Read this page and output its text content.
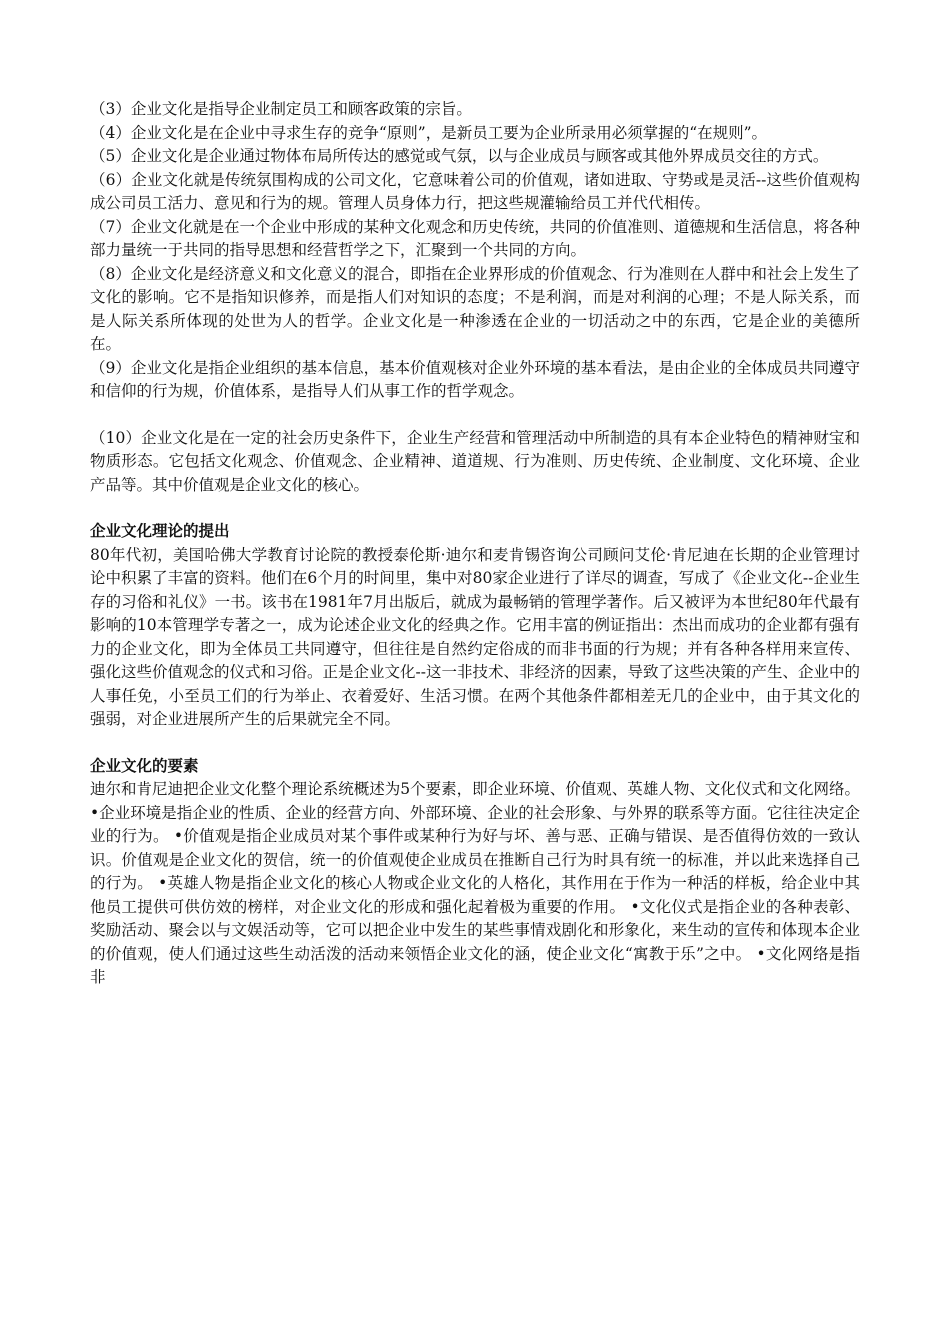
（3）企业文化是指导企业制定员工和顾客政策的宗旨。

（4）企业文化是在企业中寻求生存的竞争“原则”，是新员工要为企业所录用必须掌握的“在规则”。

（5）企业文化是企业通过物体布局所传达的感觉或气氛，以与企业成员与顾客或其他外界成员交往的方式。

（6）企业文化就是传统氛围构成的公司文化，它意味着公司的价值观，诸如进取、守势或是灵活--这些价值观构成公司员工活力、意见和行为的规。管理人员身体力行，把这些规灌输给员工并代代相传。

（7）企业文化就是在一个企业中形成的某种文化观念和历史传统，共同的价值准则、道德规和生活信息，将各种部力量统一于共同的指导思想和经营哲学之下，汇聚到一个共同的方向。

（8）企业文化是经济意义和文化意义的混合，即指在企业界形成的价值观念、行为准则在人群中和社会上发生了文化的影响。它不是指知识修养，而是指人们对知识的态度；不是利润，而是对利润的心理；不是人际关系，而是人际关系所体现的处世为人的哲学。企业文化是一种渗透在企业的一切活动之中的东西，它是企业的美德所在。

（9）企业文化是指企业组织的基本信息，基本价值观核对企业外环境的基本看法，是由企业的全体成员共同遵守和信仰的行为规，价值体系，是指导人们从事工作的哲学观念。

（10）企业文化是在一定的社会历史条件下，企业生产经营和管理活动中所制造的具有本企业特色的精神财宝和物质形态。它包括文化观念、价值观念、企业精神、道道规、行为准则、历史传统、企业制度、文化环境、企业产品等。其中价值观是企业文化的核心。

企业文化理论的提出

80年代初，美国哈佛大学教育讨论院的教授泰伦斯·迪尔和麦肯锡咨询公司顾问艾伦·肯尼迪在长期的企业管理讨论中积累了丰富的资料。他们在6个月的时间里，集中对80家企业进行了详尽的调查，写成了《企业文化--企业生存的习俗和礼仪》一书。该书在1981年7月出版后，就成为最畅销的管理学著作。后又被评为本世纪80年代最有影响的10本管理学专著之一，成为论述企业文化的经典之作。它用丰富的例证指出：杰出而成功的企业都有强有力的企业文化，即为全体员工共同遵守，但往往是自然约定俗成的而非书面的行为规；并有各种各样用来宣传、强化这些价值观念的仪式和习俗。正是企业文化--这一非技术、非经济的因素，导致了这些决策的产生、企业中的人事任免，小至员工们的行为举止、衣着爱好、生活习惯。在两个其他条件都相差无几的企业中，由于其文化的强弱，对企业进展所产生的后果就完全不同。

企业文化的要素

迪尔和肯尼迪把企业文化整个理论系统概述为5个要素，即企业环境、价值观、英雄人物、文化仪式和文化网络。•企业环境是指企业的性质、企业的经营方向、外部环境、企业的社会形象、与外界的联系等方面。它往往决定企业的行为。 •价值观是指企业成员对某个事件或某种行为好与坏、善与恶、正确与错误、是否值得仿效的一致认识。价值观是企业文化的贺信，统一的价值观使企业成员在推断自己行为时具有统一的标准，并以此来选择自己的行为。 •英雄人物是指企业文化的核心人物或企业文化的人格化，其作用在于作为一种活的样板，给企业中其他员工提供可供仿效的榜样，对企业文化的形成和强化起着极为重要的作用。 •文化仪式是指企业的各种表彰、奖励活动、聚会以与文娱活动等，它可以把企业中发生的某些事情戏剧化和形象化，来生动的宣传和体现本企业的价值观，使人们通过这些生动活泼的活动来领悟企业文化的涵，使企业文化“寓教于乐”之中。 •文化网络是指非
